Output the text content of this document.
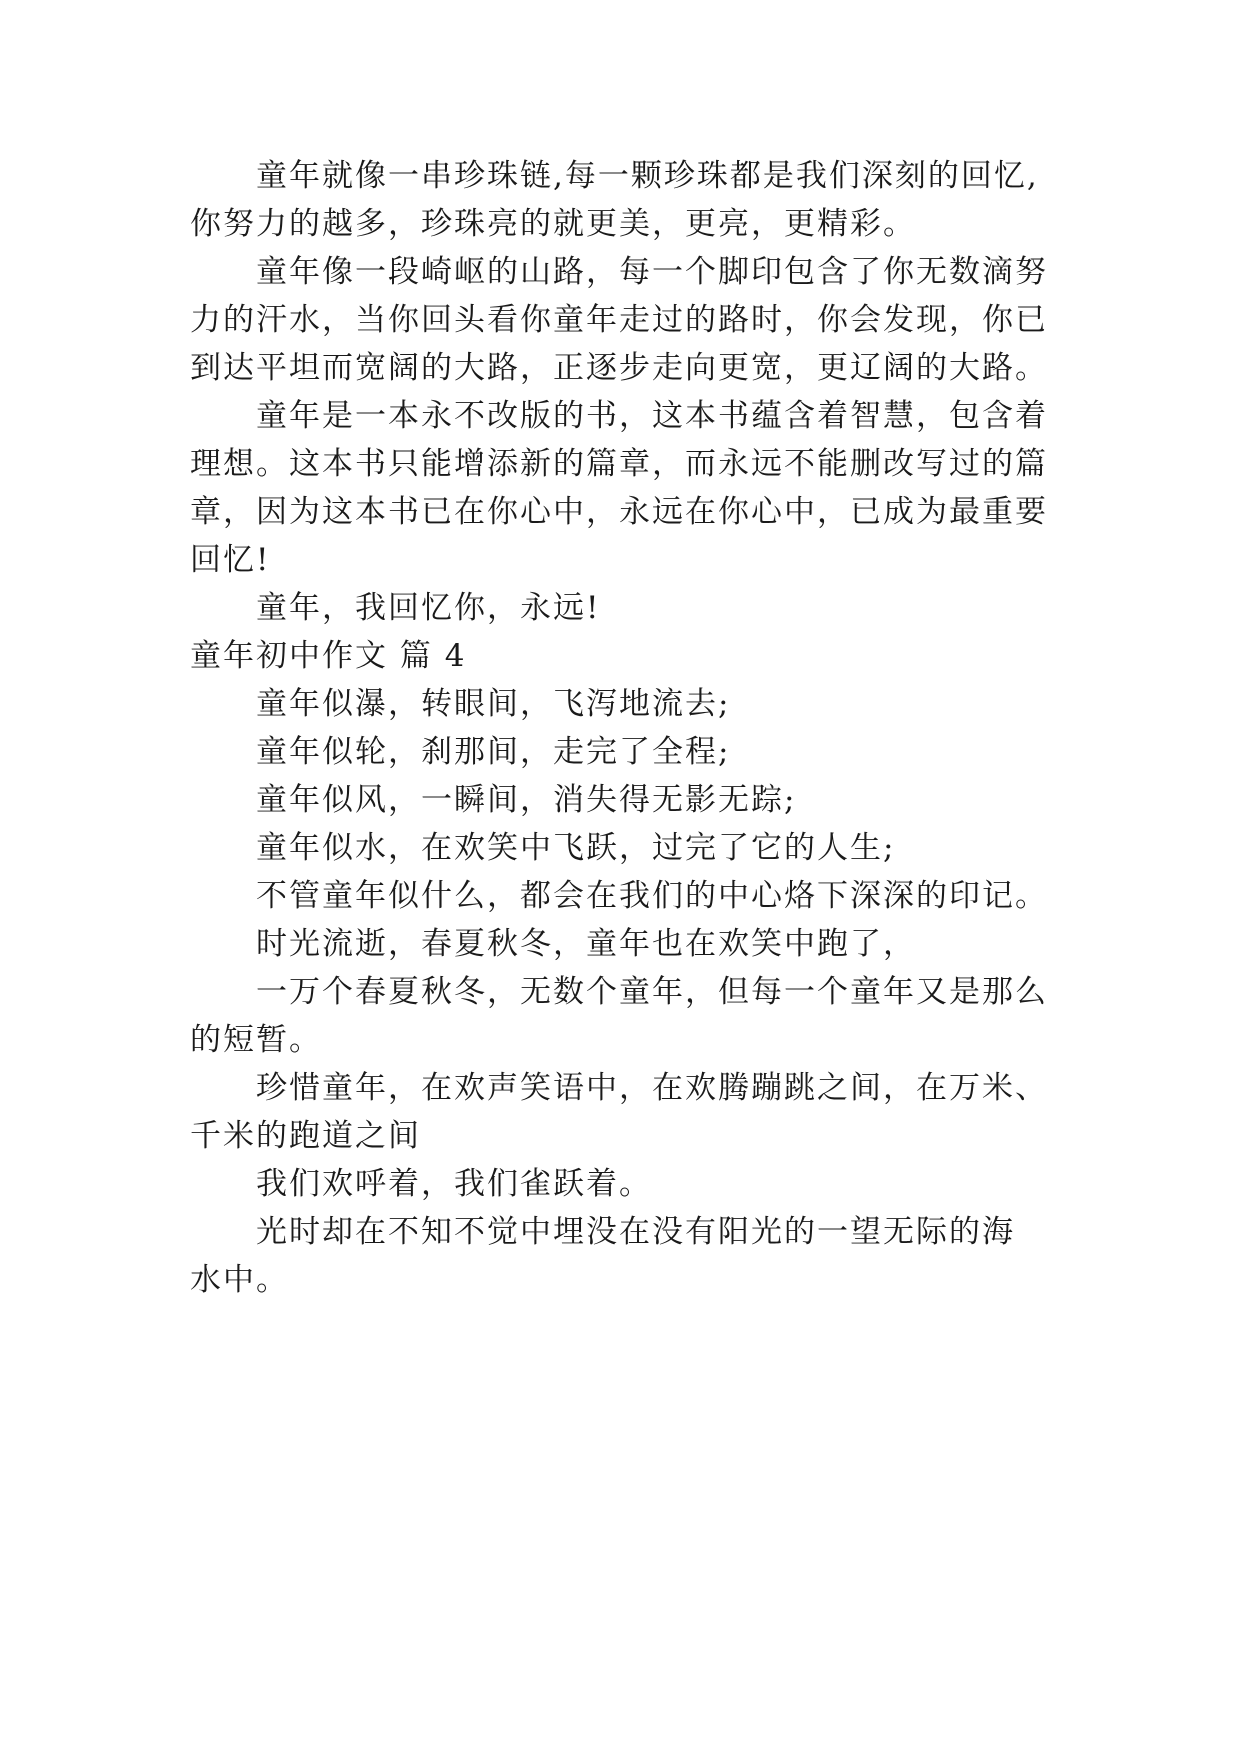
童年就像一串珍珠链,每一颗珍珠都是我们深刻的回忆,
你努力的越多，珍珠亮的就更美，更亮，更精彩。
童年像一段崎岖的山路，每一个脚印包含了你无数滴努
力的汗水，当你回头看你童年走过的路时，你会发现，你已
到达平坦而宽阔的大路，正逐步走向更宽，更辽阔的大路。
童年是一本永不改版的书，这本书蕴含着智慧，包含着
理想。这本书只能增添新的篇章，而永远不能删改写过的篇
章，因为这本书已在你心中，永远在你心中，已成为最重要
回忆!
童年，我回忆你，永远!
童年初中作文 篇 4
童年似瀑，转眼间，飞泻地流去;
童年似轮，刹那间，走完了全程;
童年似风，一瞬间，消失得无影无踪;
童年似水，在欢笑中飞跃，过完了它的人生;
不管童年似什么，都会在我们的中心烙下深深的印记。
时光流逝，春夏秋冬，童年也在欢笑中跑了，
一万个春夏秋冬，无数个童年，但每一个童年又是那么
的短暂。
珍惜童年，在欢声笑语中，在欢腾蹦跳之间，在万米、
千米的跑道之间
我们欢呼着，我们雀跃着。
光时却在不知不觉中埋没在没有阳光的一望无际的海
水中。
